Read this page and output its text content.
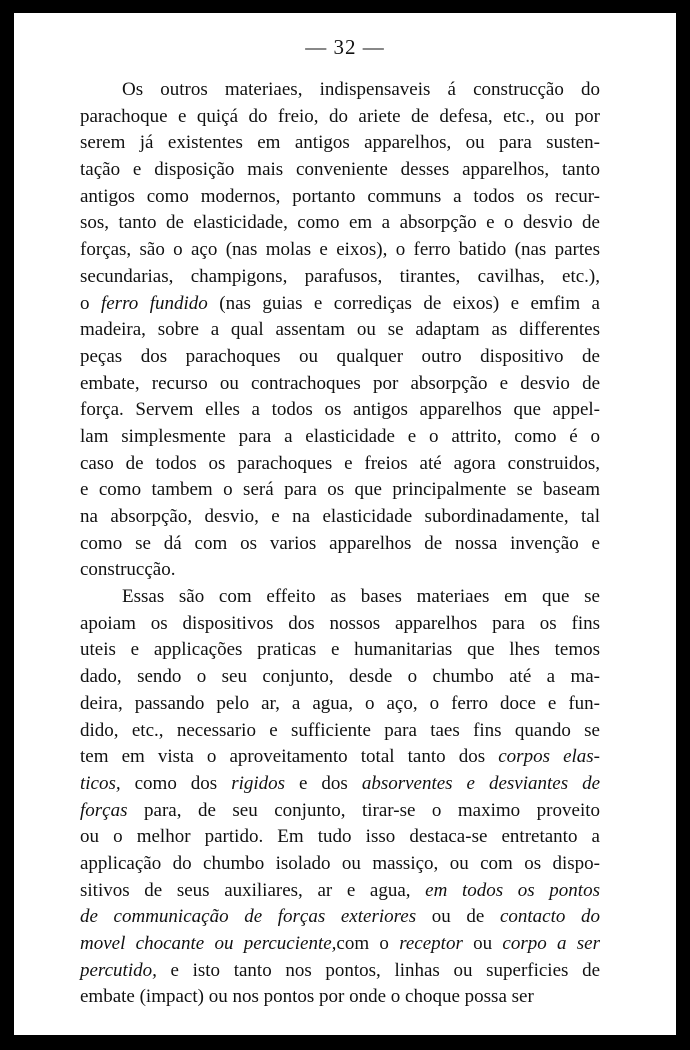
— 32 —
Os outros materiaes, indispensaveis á construcção do
parachoque e quiçá do freio, do ariete de defesa, etc., ou por
serem já existentes em antigos apparelhos, ou para susten-
tação e disposição mais conveniente desses apparelhos, tanto
antigos como modernos, portanto communs a todos os recur-
sos, tanto de elasticidade, como em a absorpção e o desvio de
forças, são o aço (nas molas e eixos), o ferro batido (nas partes
secundarias, champigons, parafusos, tirantes, cavilhas, etc.),
o ferro fundido (nas guias e corrediças de eixos) e emfim a
madeira, sobre a qual assentam ou se adaptam as differentes
peças dos parachoques ou qualquer outro dispositivo de
embate, recurso ou contrachoques por absorpção e desvio de
força. Servem elles a todos os antigos apparelhos que appel-
lam simplesmente para a elasticidade e o attrito, como é o
caso de todos os parachoques e freios até agora construidos,
e como tambem o será para os que principalmente se baseam
na absorpção, desvio, e na elasticidade subordinadamente, tal
como se dá com os varios apparelhos de nossa invenção e
construcção.
Essas são com effeito as bases materiaes em que se
apoiam os dispositivos dos nossos apparelhos para os fins
uteis e applicações praticas e humanitarias que lhes temos
dado, sendo o seu conjunto, desde o chumbo até a ma-
deira, passando pelo ar, a agua, o aço, o ferro doce e fun-
dido, etc., necessario e sufficiente para taes fins quando se
tem em vista o aproveitamento total tanto dos corpos elas-
ticos, como dos rigidos e dos absorventes e desviantes de
forças para, de seu conjunto, tirar-se o maximo proveito
ou o melhor partido. Em tudo isso destaca-se entretanto a
applicação do chumbo isolado ou massiço, ou com os dispo-
sitivos de seus auxiliares, ar e agua, em todos os pontos
de communicação de forças exteriores ou de contacto do
movel chocante ou percuciente,com o receptor ou corpo a ser
percutido, e isto tanto nos pontos, linhas ou superficies de
embate (impact) ou nos pontos por onde o choque possa ser
